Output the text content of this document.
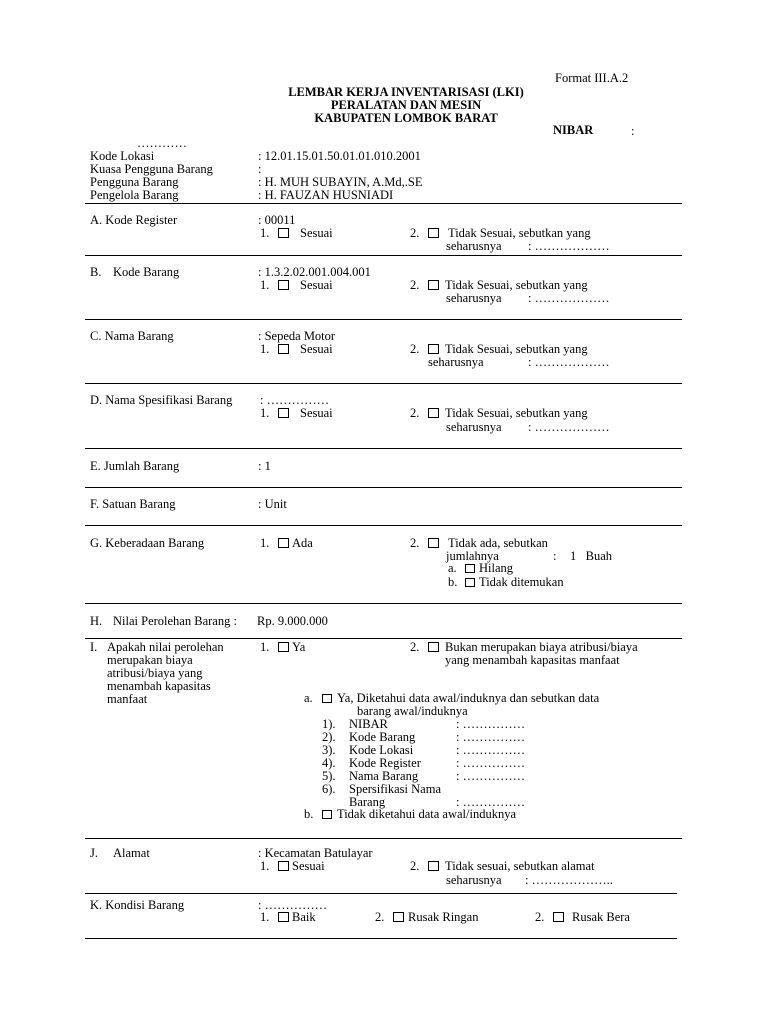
Format III.A.2
LEMBAR KERJA INVENTARISASI (LKI)
PERALATAN DAN MESIN
KABUPATEN LOMBOK BARAT
NIBAR	:
…………
Kode Lokasi	: 12.01.15.01.50.01.01.010.2001
Kuasa Pengguna Barang	:
Pengguna Barang	: H. MUH SUBAYIN, A.Md,.SE
Pengelola Barang	: H. FAUZAN HUSNIADI
A. Kode Register	: 00011
1. Sesuai	2. Tidak Sesuai, sebutkan yang
seharusnya : ………………
B. Kode Barang	: 1.3.2.02.001.004.001
1. Sesuai	2. Tidak Sesuai, sebutkan yang
seharusnya : ………………
C. Nama Barang	: Sepeda Motor
1. Sesuai	2. Tidak Sesuai, sebutkan yang
seharusnya	: ………………
D. Nama Spesifikasi Barang : ……………
1. Sesuai	2. Tidak Sesuai, sebutkan yang
seharusnya : ………………
E. Jumlah Barang	: 1
F. Satuan Barang	: Unit
G. Keberadaan Barang	1. Ada	2. Tidak ada, sebutkan
jumlahnya	: 1   Buah
a. Hilang
b. Tidak ditemukan
H. Nilai Perolehan Barang : Rp. 9.000.000
I. Apakah nilai perolehan
merupakan biaya
atribusi/biaya yang
menambah kapasitas
manfaat
1. Ya	2. Bukan merupakan biaya atribusi/biaya
yang menambah kapasitas manfaat
a. Ya, Diketahui data awal/induknya dan sebutkan data
barang awal/induknya
1). NIBAR	: ……………
2). Kode Barang	: ……………
3). Kode Lokasi	: ……………
4). Kode Register	: ……………
5). Nama Barang	: ……………
6). Spersifikasi Nama
Barang	: ……………
b. Tidak diketahui data awal/induknya
J. Alamat	: Kecamatan Batulayar
1. Sesuai	2. Tidak sesuai, sebutkan alamat
seharusnya : ………………..
K. Kondisi Barang	: ……………
1. Baik	2. Rusak Ringan	2. Rusak Bera
